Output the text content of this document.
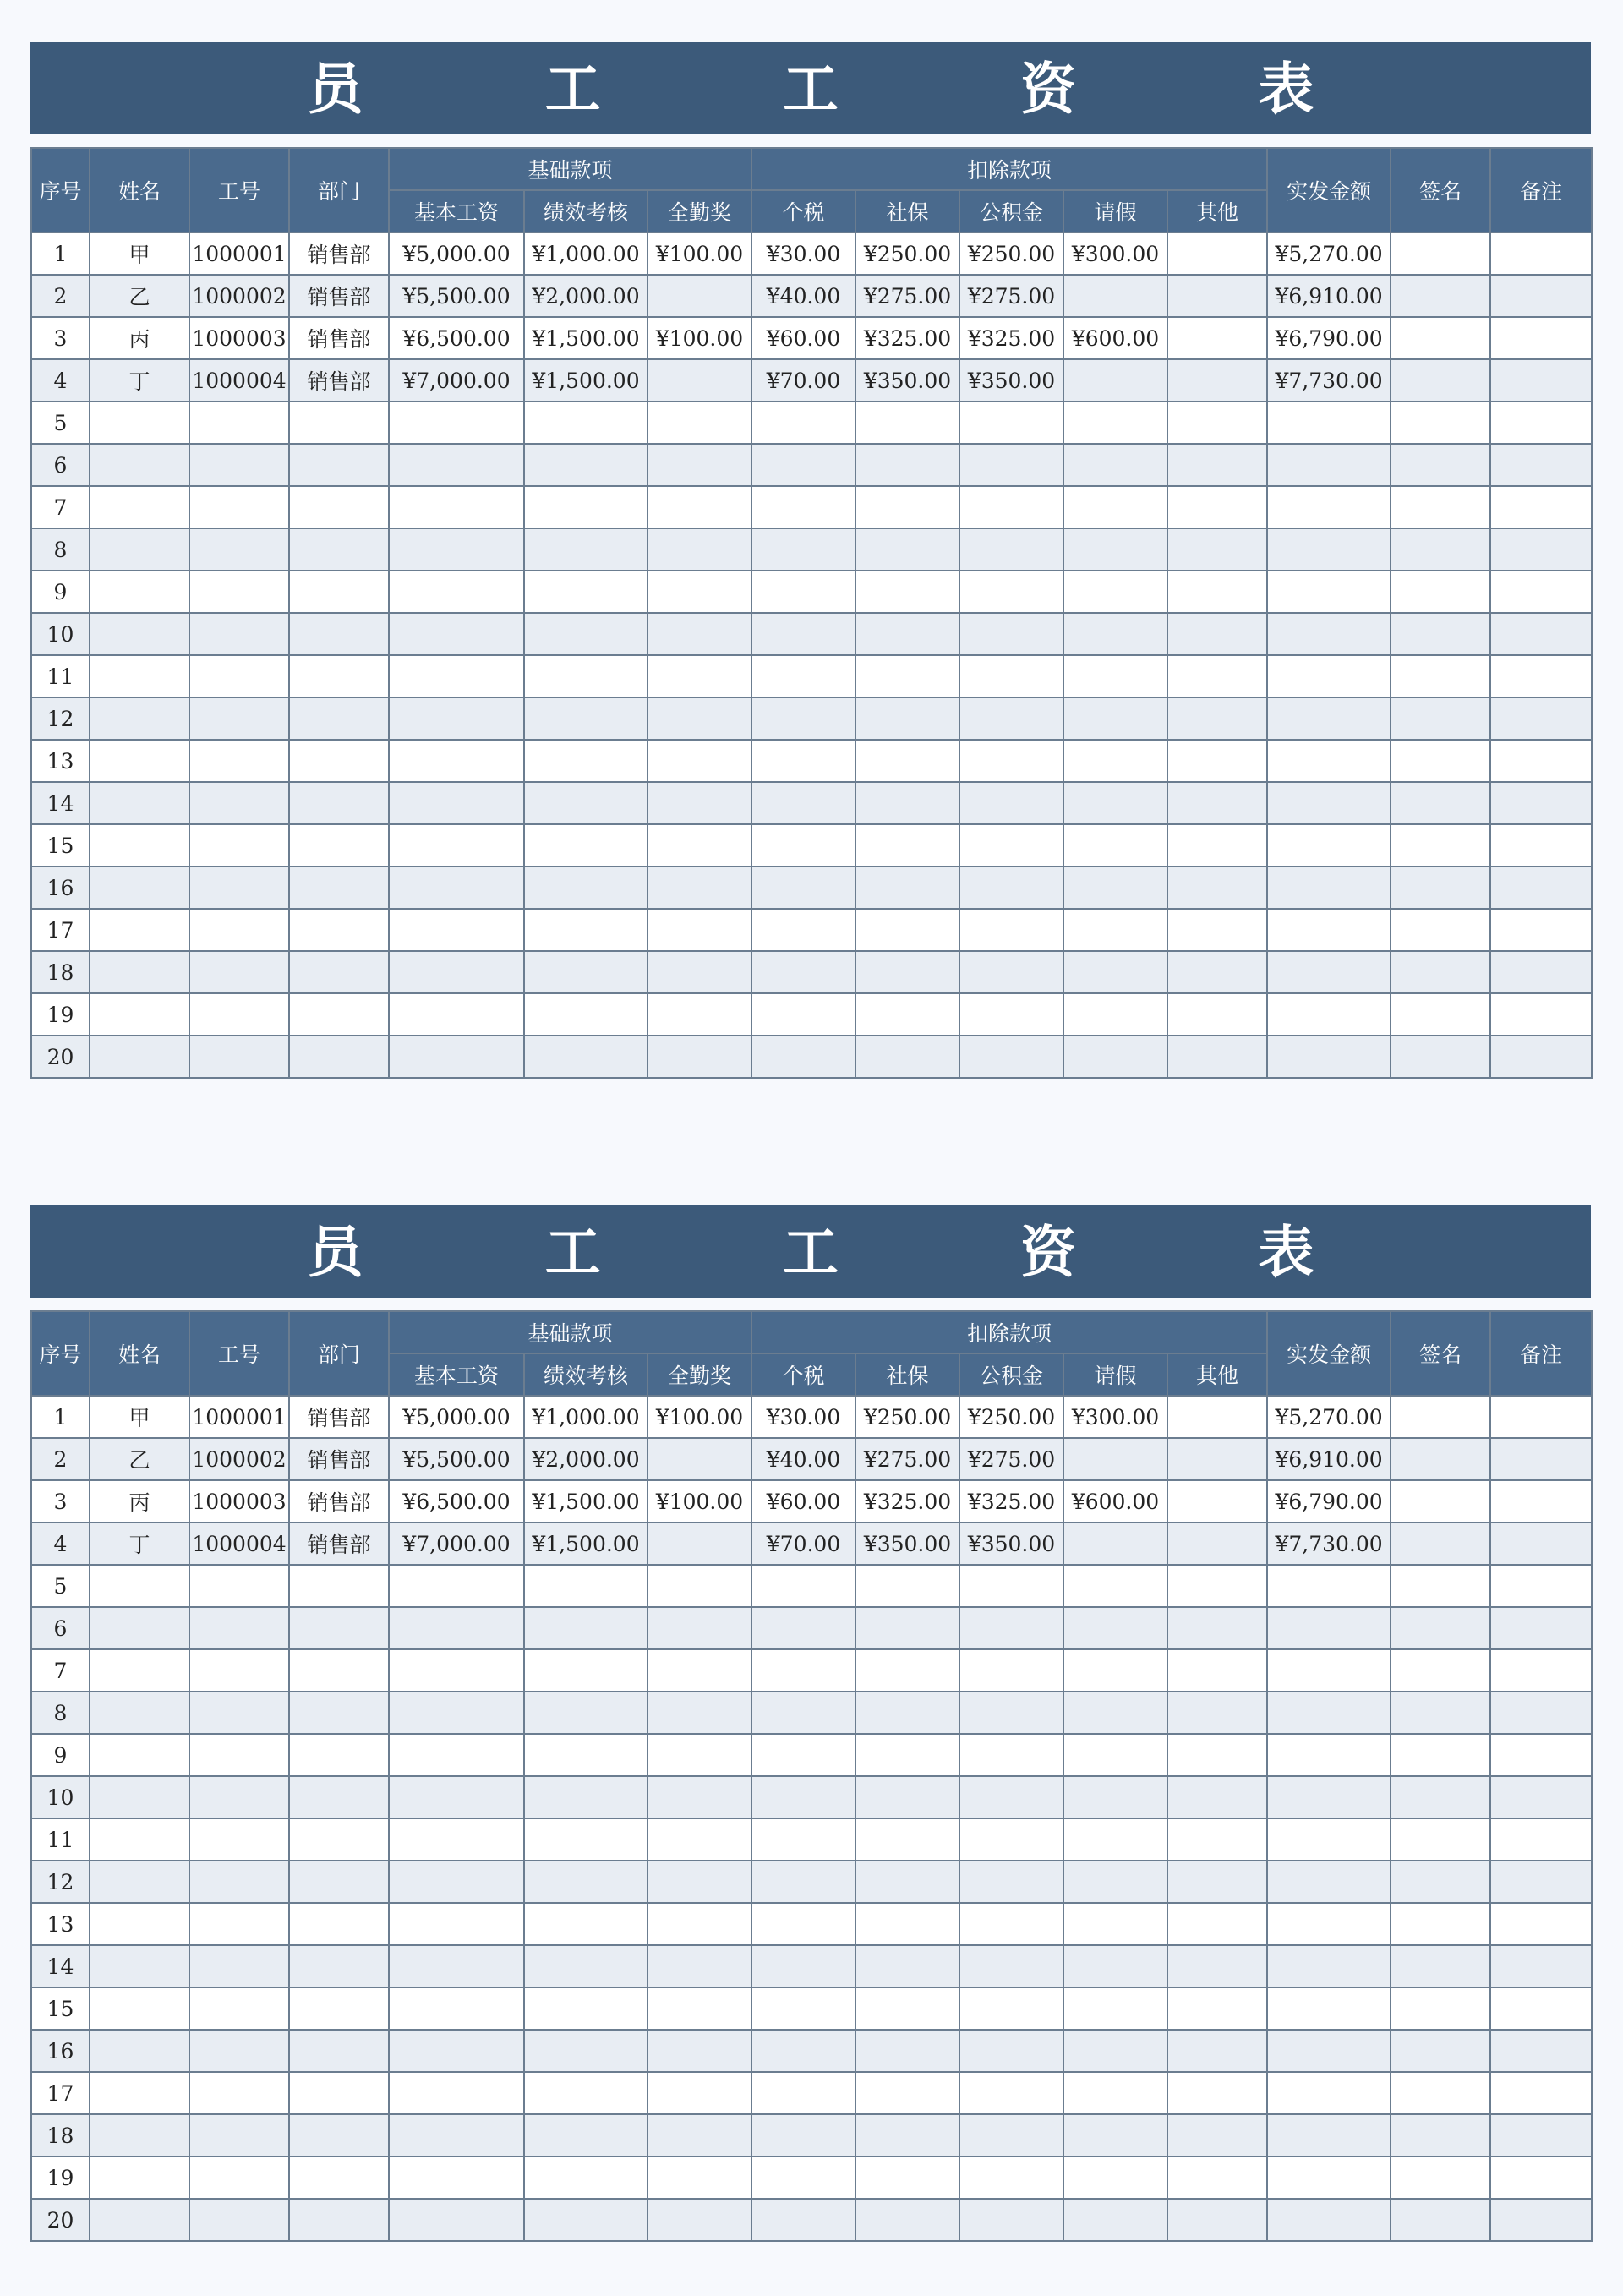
员	工	工	资	表
序号	姓名	工号	部门	基础款项			扣除款项					实发金额	签名	备注
				基本工资	绩效考核	全勤奖	个税	社保	公积金	请假	其他			
1	甲	1000001	销售部	¥5,000.00	¥1,000.00	¥100.00	¥30.00	¥250.00	¥250.00	¥300.00		¥5,270.00		
2	乙	1000002	销售部	¥5,500.00	¥2,000.00		¥40.00	¥275.00	¥275.00			¥6,910.00		
3	丙	1000003	销售部	¥6,500.00	¥1,500.00	¥100.00	¥60.00	¥325.00	¥325.00	¥600.00		¥6,790.00		
4	丁	1000004	销售部	¥7,000.00	¥1,500.00		¥70.00	¥350.00	¥350.00			¥7,730.00		
5														
6														
7														
8														
9														
10														
11														
12														
13														
14														
15														
16														
17														
18														
19														
20														
员	工	工	资	表
序号	姓名	工号	部门	基础款项			扣除款项					实发金额	签名	备注
				基本工资	绩效考核	全勤奖	个税	社保	公积金	请假	其他			
1	甲	1000001	销售部	¥5,000.00	¥1,000.00	¥100.00	¥30.00	¥250.00	¥250.00	¥300.00		¥5,270.00		
2	乙	1000002	销售部	¥5,500.00	¥2,000.00		¥40.00	¥275.00	¥275.00			¥6,910.00		
3	丙	1000003	销售部	¥6,500.00	¥1,500.00	¥100.00	¥60.00	¥325.00	¥325.00	¥600.00		¥6,790.00		
4	丁	1000004	销售部	¥7,000.00	¥1,500.00		¥70.00	¥350.00	¥350.00			¥7,730.00		
5														
6														
7														
8														
9														
10														
11														
12														
13														
14														
15														
16														
17														
18														
19														
20														
